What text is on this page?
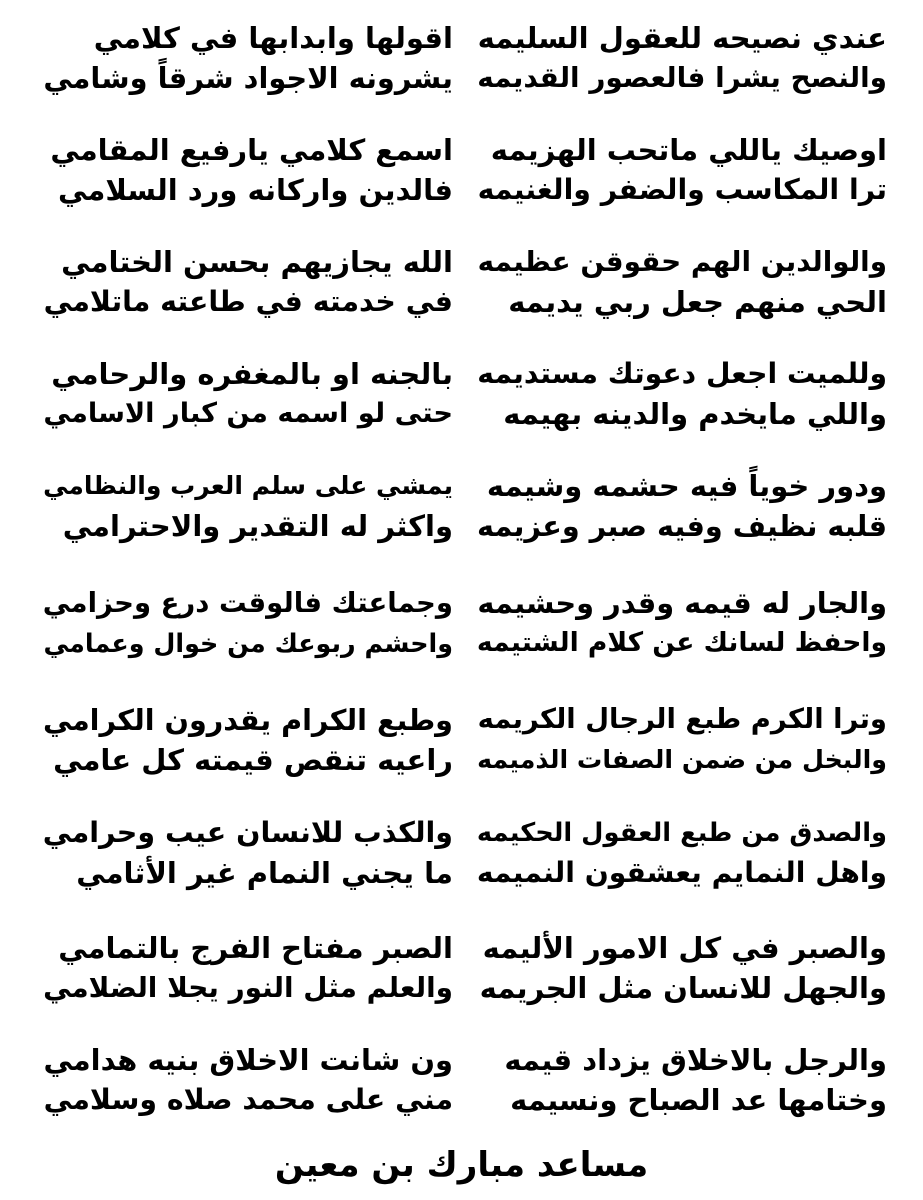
عندي نصيحه للعقول السليمه
والنصح يشرا فالعصور القديمه
اقولها وابدابها في كلامي
يشرونه الاجواد شرقاً وشامي
اوصيك ياللي ماتحب الهزيمه
ترا المكاسب والضفر والغنيمه
اسمع كلامي يارفيع المقامي
فالدين واركانه ورد السلامي
والوالدين الهم حقوقن عظيمه
الحي منهم جعل ربي يديمه
الله يجازيهم بحسن الختامي
في خدمته في طاعته ماتلامي
وللميت اجعل دعوتك مستديمه
واللي مايخدم والدينه بهيمه
بالجنه او بالمغفره والرحامي
حتى لو اسمه من كبار الاسامي
ودور خوياً فيه حشمه وشيمه
قلبه نظيف وفيه صبر وعزيمه
يمشي على سلم العرب والنظامي
واكثر له التقدير والاحترامي
والجار له قيمه وقدر وحشيمه
واحفظ لسانك عن كلام الشتيمه
وجماعتك فالوقت درع وحزامي
واحشم ربوعك من خوال وعمامي
وترا الكرم طبع الرجال الكريمه
والبخل من ضمن الصفات الذميمه
وطبع الكرام يقدرون الكرامي
راعيه تنقص قيمته كل عامي
والصدق من طبع العقول الحكيمه
واهل النمايم يعشقون النميمه
والكذب للانسان عيب وحرامي
ما يجني النمام غير الأثامي
والصبر في كل الامور الأليمه
والجهل للانسان مثل الجريمه
الصبر مفتاح الفرج بالتمامي
والعلم مثل النور يجلا الضلامي
والرجل بالاخلاق يزداد قيمه
وختامها عد الصباح ونسيمه
ون شانت الاخلاق بنيه هدامي
مني على محمد صلاه وسلامي
مساعد مبارك بن معين
